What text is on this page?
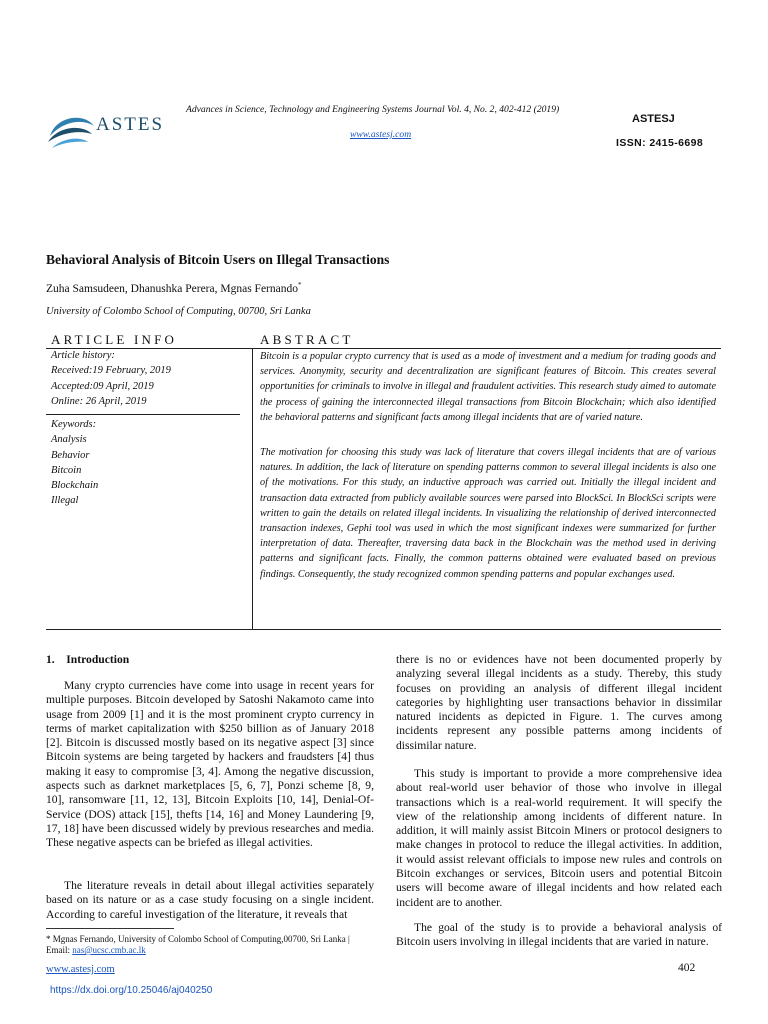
ASTES
Advances in Science, Technology and Engineering Systems Journal Vol. 4, No. 2, 402-412 (2019)
www.astesj.com
ASTESJ
ISSN: 2415-6698
Behavioral Analysis of Bitcoin Users on Illegal Transactions
Zuha Samsudeen, Dhanushka Perera, Mgnas Fernando*
University of Colombo School of Computing, 00700, Sri Lanka
ARTICLE INFO	ABSTRACT
Article history:
Received:19 February, 2019
Accepted:09 April, 2019
Online: 26 April, 2019
Keywords:
Analysis
Behavior
Bitcoin
Blockchain
Illegal

Bitcoin is a popular crypto currency that is used as a mode of investment and a medium for trading goods and services. Anonymity, security and decentralization are significant features of Bitcoin. This creates several opportunities for criminals to involve in illegal and fraudulent activities. This research study aimed to automate the process of gaining the interconnected illegal transactions from Bitcoin Blockchain; which also identified the behavioral patterns and significant facts among illegal incidents that are of varied nature.

The motivation for choosing this study was lack of literature that covers illegal incidents that are of various natures. In addition, the lack of literature on spending patterns common to several illegal incidents is also one of the motivations. For this study, an inductive approach was carried out. Initially the illegal incident and transaction data extracted from publicly available sources were parsed into BlockSci. In BlockSci scripts were written to gain the details on related illegal incidents. In visualizing the relationship of derived interconnected transaction indexes, Gephi tool was used in which the most significant indexes were summarized for further interpretation of data. Thereafter, traversing data back in the Blockchain was the method used in deriving patterns and significant facts. Finally, the common patterns obtained were evaluated based on previous findings. Consequently, the study recognized common spending patterns and popular exchanges used.

1.    Introduction

Many crypto currencies have come into usage in recent years for multiple purposes. Bitcoin developed by Satoshi Nakamoto came into usage from 2009 [1] and it is the most prominent crypto currency in terms of market capitalization with $250 billion as of January 2018 [2]. Bitcoin is discussed mostly based on its negative aspect [3] since Bitcoin systems are being targeted by hackers and fraudsters [4] thus making it easy to compromise [3, 4]. Among the negative discussion, aspects such as darknet marketplaces [5, 6, 7], Ponzi scheme [8, 9, 10], ransomware [11, 12, 13], Bitcoin Exploits [10, 14], Denial-Of-Service (DOS) attack [15], thefts [14, 16] and Money Laundering [9, 17, 18] have been discussed widely by previous researches and media. These negative aspects can be briefed as illegal activities.

The literature reveals in detail about illegal activities separately based on its nature or as a case study focusing on a single incident. According to careful investigation of the literature, it reveals that

* Mgnas Fernando, University of Colombo School of Computing,00700, Sri Lanka | Email: nas@ucsc.cmb.ac.lk

there is no or evidences have not been documented properly by analyzing several illegal incidents as a study. Thereby, this study focuses on providing an analysis of different illegal incident categories by highlighting user transactions behavior in dissimilar natured incidents as depicted in Figure. 1. The curves among incidents represent any possible patterns among incidents of dissimilar nature.

This study is important to provide a more comprehensive idea about real-world user behavior of those who involve in illegal transactions which is a real-world requirement. It will specify the view of the relationship among incidents of different nature. In addition, it will mainly assist Bitcoin Miners or protocol designers to make changes in protocol to reduce the illegal activities. In addition, it would assist relevant officials to impose new rules and controls on Bitcoin exchanges or services, Bitcoin users and potential Bitcoin users will become aware of illegal incidents and how related each incident are to another.

The goal of the study is to provide a behavioral analysis of Bitcoin users involving in illegal incidents that are varied in nature.

www.astesj.com	402
https://dx.doi.org/10.25046/aj040250
